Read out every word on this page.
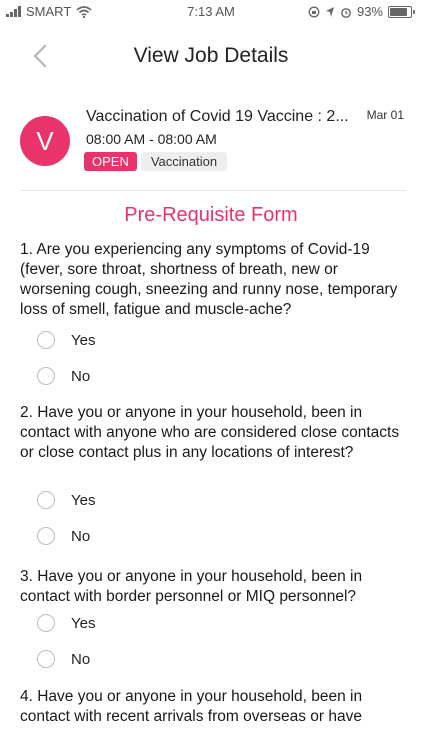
SMART	7:13 AM	93%
View Job Details
V
Vaccination of Covid 19 Vaccine : 2... Mar 01
08:00 AM - 08:00 AM
OPEN	Vaccination
Pre-Requisite Form
1. Are you experiencing any symptoms of Covid-19 (fever, sore throat, shortness of breath, new or worsening cough, sneezing and runny nose, temporary loss of smell, fatigue and muscle-ache?
Yes
No
2. Have you or anyone in your household, been in contact with anyone who are considered close contacts or close contact plus in any locations of interest?
Yes
No
3. Have you or anyone in your household, been in contact with border personnel or MIQ personnel?
Yes
No
4. Have you or anyone in your household, been in contact with recent arrivals from overseas or have
